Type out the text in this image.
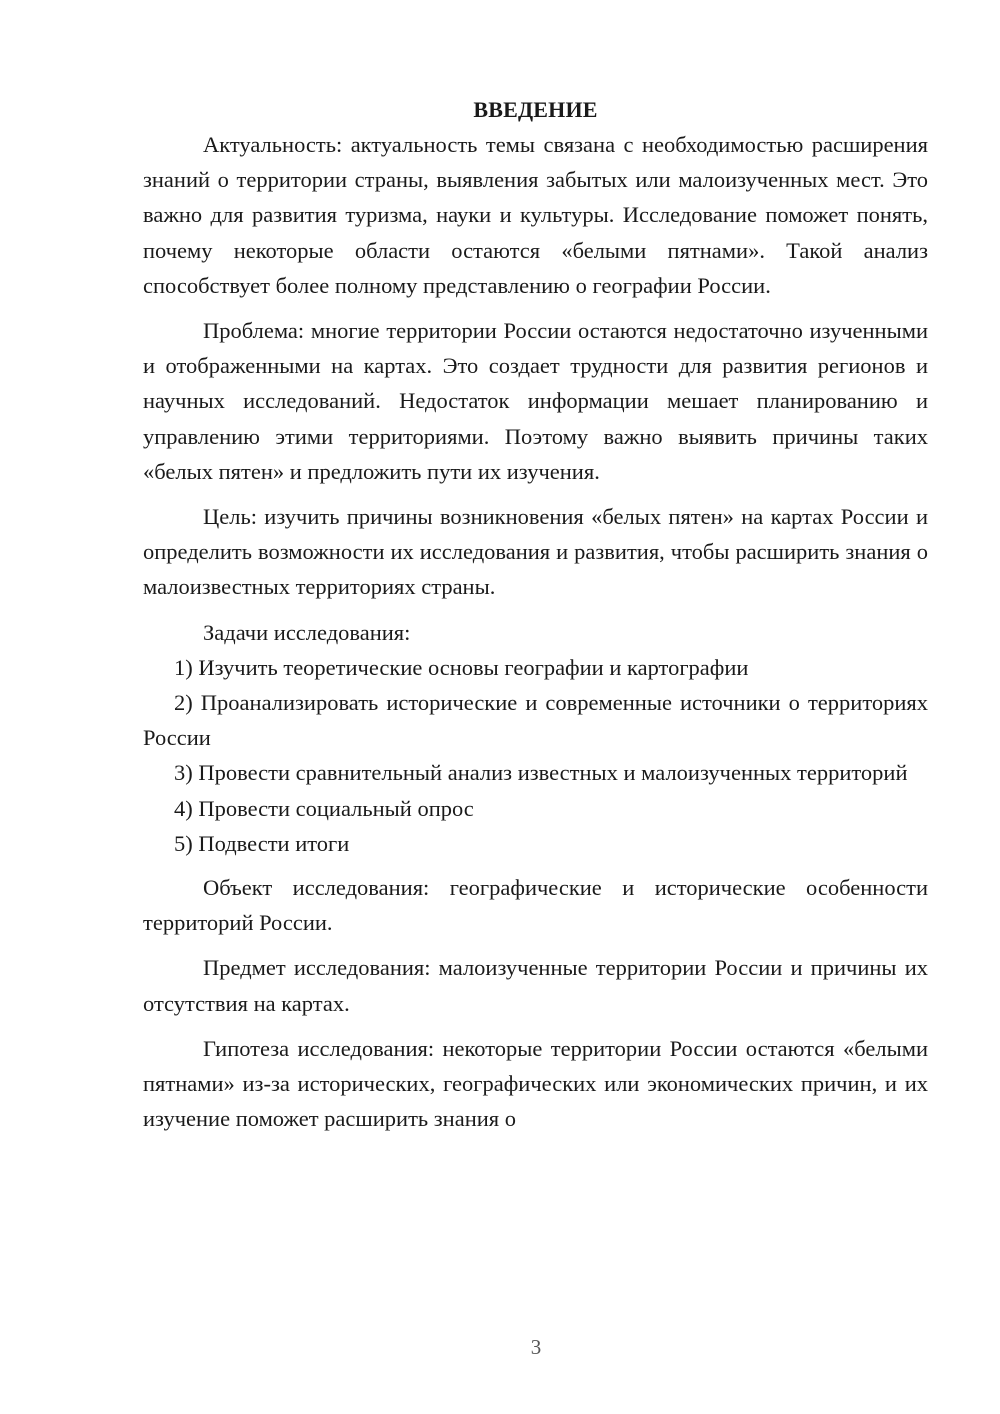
ВВЕДЕНИЕ

Актуальность: актуальность темы связана с необходимостью расширения знаний о территории страны, выявления забытых или малоизученных мест. Это важно для развития туризма, науки и культуры. Исследование поможет понять, почему некоторые области остаются «белыми пятнами». Такой анализ способствует более полному представлению о географии России.

Проблема: многие территории России остаются недостаточно изученными и отображенными на картах. Это создает трудности для развития регионов и научных исследований. Недостаток информации мешает планированию и управлению этими территориями. Поэтому важно выявить причины таких «белых пятен» и предложить пути их изучения.

Цель: изучить причины возникновения «белых пятен» на картах России и определить возможности их исследования и развития, чтобы расширить знания о малоизвестных территориях страны.

Задачи исследования:

1) Изучить теоретические основы географии и картографии

2) Проанализировать исторические и современные источники о территориях России

3) Провести сравнительный анализ известных и малоизученных территорий

4) Провести социальный опрос

5) Подвести итоги

Объект исследования: географические и исторические особенности территорий России.

Предмет исследования: малоизученные территории России и причины их отсутствия на картах.

Гипотеза исследования: некоторые территории России остаются «белыми пятнами» из-за исторических, географических или экономических причин, и их изучение поможет расширить знания о

3
